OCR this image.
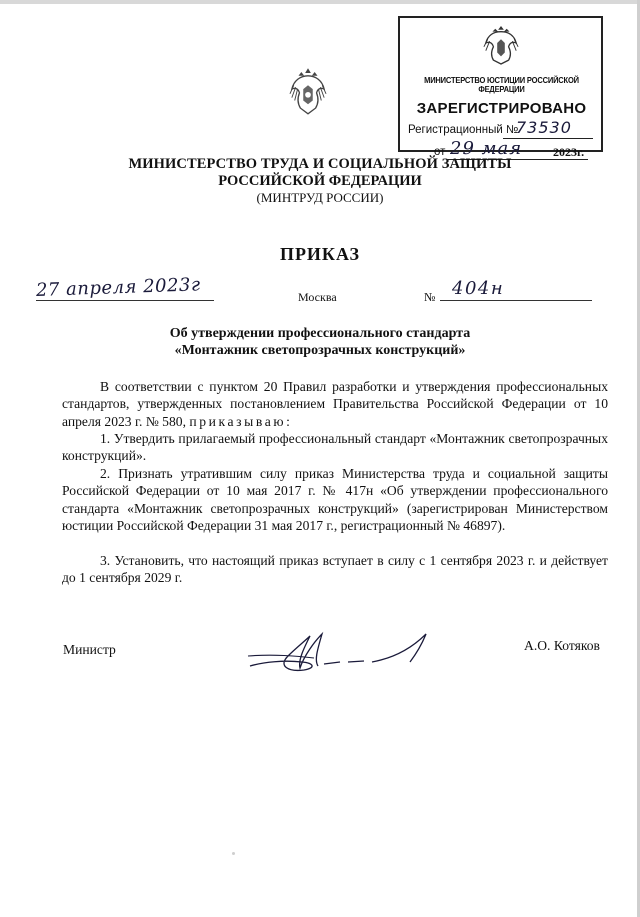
МИНИСТЕРСТВО ЮСТИЦИИ РОССИЙСКОЙ ФЕДЕРАЦИИ
ЗАРЕГИСТРИРОВАНО
Регистрационный №
73530
от 29 мая	2023г.
МИНИСТЕРСТВО ТРУДА И СОЦИАЛЬНОЙ ЗАЩИТЫ
РОССИЙСКОЙ ФЕДЕРАЦИИ
(МИНТРУД РОССИИ)
ПРИКАЗ
27 апреля 2023г	Москва	№ 404н
Об утверждении профессионального стандарта
«Монтажник светопрозрачных конструкций»

В соответствии с пунктом 20 Правил разработки и утверждения профессиональных стандартов, утвержденных постановлением Правительства Российской Федерации от 10 апреля 2023 г. № 580, приказываю:

1. Утвердить прилагаемый профессиональный стандарт «Монтажник светопрозрачных конструкций».

2. Признать утратившим силу приказ Министерства труда и социальной защиты Российской Федерации от 10 мая 2017 г. № 417н «Об утверждении профессионального стандарта «Монтажник светопрозрачных конструкций» (зарегистрирован Министерством юстиции Российской Федерации 31 мая 2017 г., регистрационный № 46897).

3. Установить, что настоящий приказ вступает в силу с 1 сентября 2023 г. и действует до 1 сентября 2029 г.

Министр	А.О. Котяков
